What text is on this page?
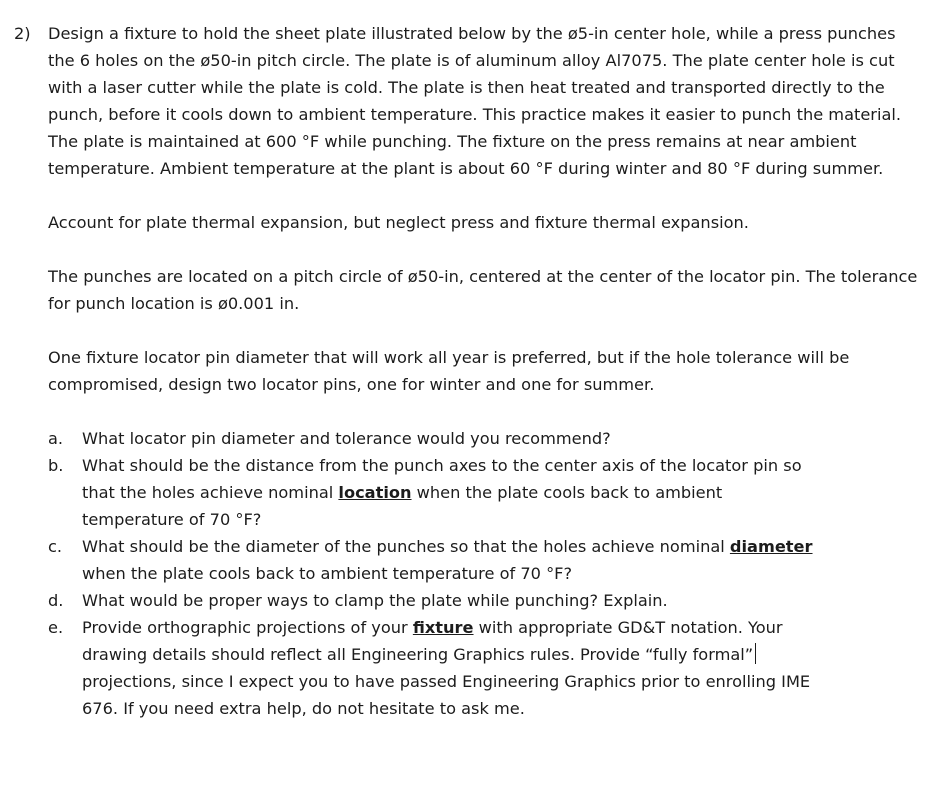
2) Design a fixture to hold the sheet plate illustrated below by the ø5-in center hole, while a press punches the 6 holes on the ø50-in pitch circle. The plate is of aluminum alloy Al7075. The plate center hole is cut with a laser cutter while the plate is cold. The plate is then heat treated and transported directly to the punch, before it cools down to ambient temperature. This practice makes it easier to punch the material. The plate is maintained at 600 °F while punching. The fixture on the press remains at near ambient temperature. Ambient temperature at the plant is about 60 °F during winter and 80 °F during summer.

Account for plate thermal expansion, but neglect press and fixture thermal expansion.

The punches are located on a pitch circle of ø50-in, centered at the center of the locator pin. The tolerance for punch location is ø0.001 in.

One fixture locator pin diameter that will work all year is preferred, but if the hole tolerance will be compromised, design two locator pins, one for winter and one for summer.

a. What locator pin diameter and tolerance would you recommend?
b. What should be the distance from the punch axes to the center axis of the locator pin so that the holes achieve nominal location when the plate cools back to ambient temperature of 70 °F?
c. What should be the diameter of the punches so that the holes achieve nominal diameter when the plate cools back to ambient temperature of 70 °F?
d. What would be proper ways to clamp the plate while punching? Explain.
e. Provide orthographic projections of your fixture with appropriate GD&T notation. Your drawing details should reflect all Engineering Graphics rules. Provide “fully formal” projections, since I expect you to have passed Engineering Graphics prior to enrolling IME 676. If you need extra help, do not hesitate to ask me.
